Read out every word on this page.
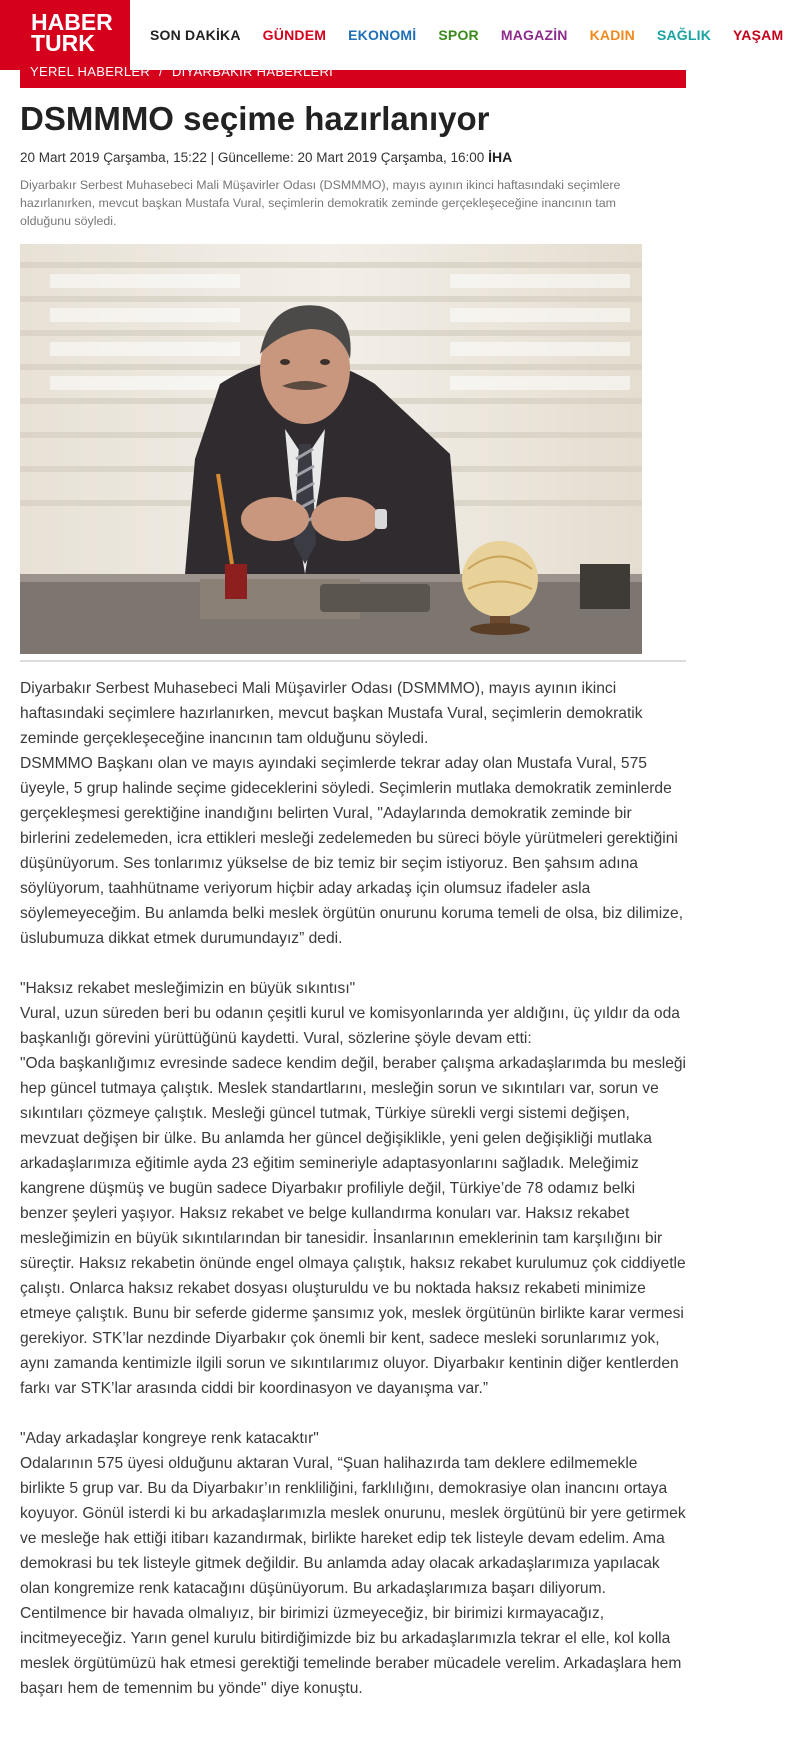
HABER
TURK	SON DAKİKA GÜNDEM EKONOMİ SPOR MAGAZİN KADIN SAĞLIK YAŞAM
YEREL HABERLER / DİYARBAKIR HABERLERİ
DSMMMO seçime hazırlanıyor
20 Mart 2019 Çarşamba, 15:22 | Güncelleme: 20 Mart 2019 Çarşamba, 16:00 İHA
Diyarbakır Serbest Muhasebeci Mali Müşavirler Odası (DSMMMO), mayıs ayının ikinci haftasındaki seçimlere hazırlanırken, mevcut başkan Mustafa Vural, seçimlerin demokratik zeminde gerçekleşeceğine inancının tam olduğunu söyledi.

Diyarbakır Serbest Muhasebeci Mali Müşavirler Odası (DSMMMO), mayıs ayının ikinci haftasındaki seçimlere hazırlanırken, mevcut başkan Mustafa Vural, seçimlerin demokratik zeminde gerçekleşeceğine inancının tam olduğunu söyledi.

DSMMMO Başkanı olan ve mayıs ayındaki seçimlerde tekrar aday olan Mustafa Vural, 575 üyeyle, 5 grup halinde seçime gideceklerini söyledi. Seçimlerin mutlaka demokratik zeminlerde gerçekleşmesi gerektiğine inandığını belirten Vural, "Adaylarında demokratik zeminde bir birlerini zedelemeden, icra ettikleri mesleği zedelemeden bu süreci böyle yürütmeleri gerektiğini düşünüyorum. Ses tonlarımız yükselse de biz temiz bir seçim istiyoruz. Ben şahsım adına söylüyorum, taahhütname veriyorum hiçbir aday arkadaş için olumsuz ifadeler asla söylemeyeceğim. Bu anlamda belki meslek örgütün onurunu koruma temeli de olsa, biz dilimize, üslubumuza dikkat etmek durumundayız” dedi.

"Haksız rekabet mesleğimizin en büyük sıkıntısı"

Vural, uzun süreden beri bu odanın çeşitli kurul ve komisyonlarında yer aldığını, üç yıldır da oda başkanlığı görevini yürüttüğünü kaydetti. Vural, sözlerine şöyle devam etti:

"Oda başkanlığımız evresinde sadece kendim değil, beraber çalışma arkadaşlarımda bu mesleği hep güncel tutmaya çalıştık. Meslek standartlarını, mesleğin sorun ve sıkıntıları var, sorun ve sıkıntıları çözmeye çalıştık. Mesleği güncel tutmak, Türkiye sürekli vergi sistemi değişen, mevzuat değişen bir ülke. Bu anlamda her güncel değişiklikle, yeni gelen değişikliği mutlaka arkadaşlarımıza eğitimle ayda 23 eğitim semineriyle adaptasyonlarını sağladık. Meleğimiz kangrene düşmüş ve bugün sadece Diyarbakır profiliyle değil, Türkiye’de 78 odamız belki benzer şeyleri yaşıyor. Haksız rekabet ve belge kullandırma konuları var. Haksız rekabet mesleğimizin en büyük sıkıntılarından bir tanesidir. İnsanlarının emeklerinin tam karşılığını bir süreçtir. Haksız rekabetin önünde engel olmaya çalıştık, haksız rekabet kurulumuz çok ciddiyetle çalıştı. Onlarca haksız rekabet dosyası oluşturuldu ve bu noktada haksız rekabeti minimize etmeye çalıştık. Bunu bir seferde giderme şansımız yok, meslek örgütünün birlikte karar vermesi gerekiyor. STK’lar nezdinde Diyarbakır çok önemli bir kent, sadece mesleki sorunlarımız yok, aynı zamanda kentimizle ilgili sorun ve sıkıntılarımız oluyor. Diyarbakır kentinin diğer kentlerden farkı var STK’lar arasında ciddi bir koordinasyon ve dayanışma var.”

"Aday arkadaşlar kongreye renk katacaktır"

Odalarının 575 üyesi olduğunu aktaran Vural, “Şuan halihazırda tam deklere edilmemekle birlikte 5 grup var. Bu da Diyarbakır’ın renkliliğini, farklılığını, demokrasiye olan inancını ortaya koyuyor. Gönül isterdi ki bu arkadaşlarımızla meslek onurunu, meslek örgütünü bir yere getirmek ve mesleğe hak ettiği itibarı kazandırmak, birlikte hareket edip tek listeyle devam edelim. Ama demokrasi bu tek listeyle gitmek değildir. Bu anlamda aday olacak arkadaşlarımıza yapılacak olan kongremize renk katacağını düşünüyorum. Bu arkadaşlarımıza başarı diliyorum. Centilmence bir havada olmalıyız, bir birimizi üzmeyeceğiz, bir birimizi kırmayacağız, incitmeyeceğiz. Yarın genel kurulu bitirdiğimizde biz bu arkadaşlarımızla tekrar el elle, kol kolla meslek örgütümüzü hak etmesi gerektiği temelinde beraber mücadele verelim. Arkadaşlara hem başarı hem de temennim bu yönde" diye konuştu.
